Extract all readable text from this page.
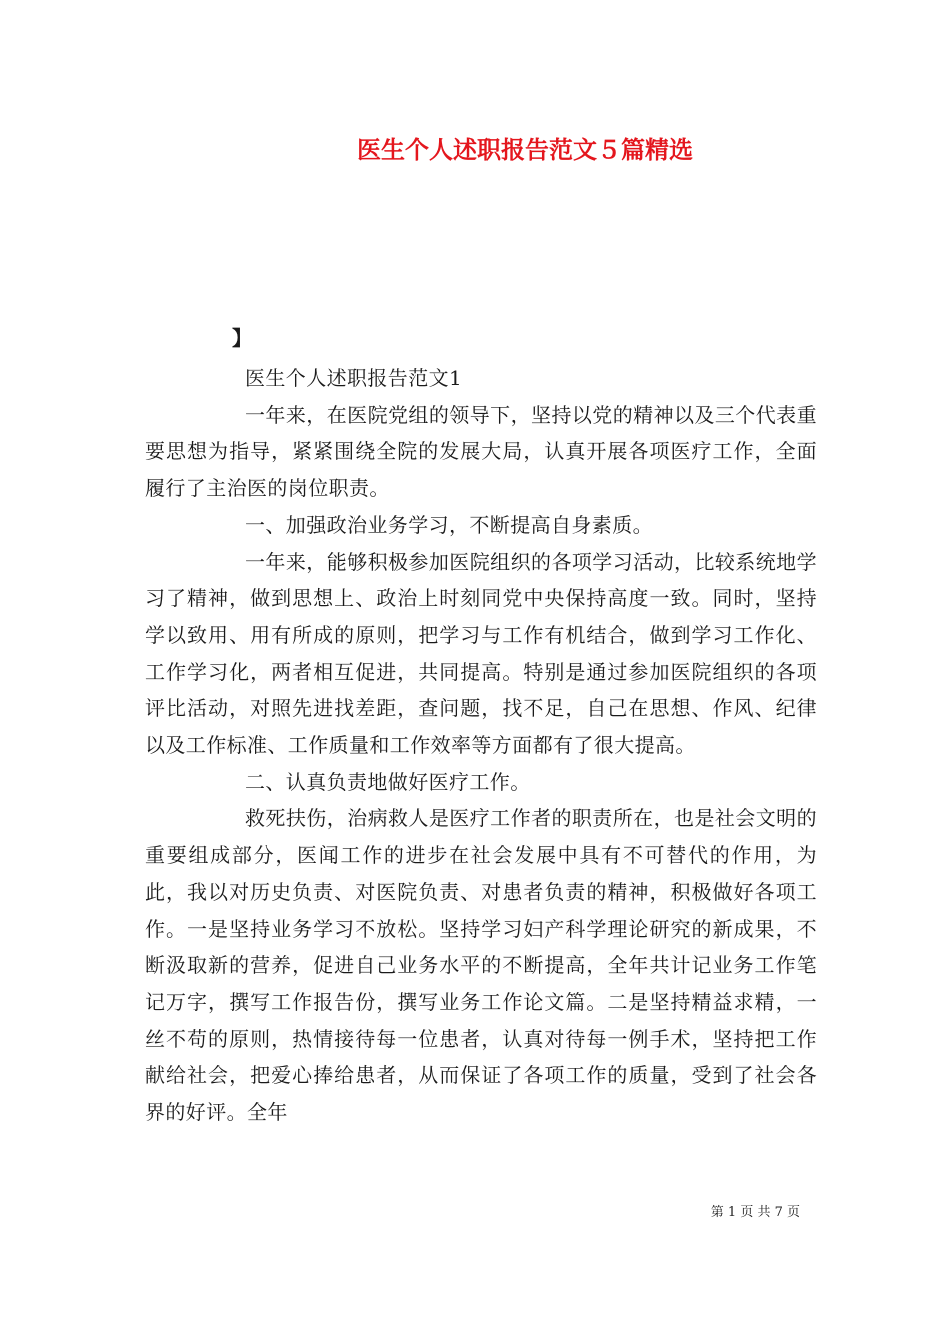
医生个人述职报告范文５篇精选
】

医生个人述职报告范文1

一年来，在医院党组的领导下，坚持以党的精神以及三个代表重要思想为指导，紧紧围绕全院的发展大局，认真开展各项医疗工作，全面履行了主治医的岗位职责。

一、加强政治业务学习，不断提高自身素质。

一年来，能够积极参加医院组织的各项学习活动，比较系统地学习了精神，做到思想上、政治上时刻同党中央保持高度一致。同时，坚持学以致用、用有所成的原则，把学习与工作有机结合，做到学习工作化、工作学习化，两者相互促进，共同提高。特别是通过参加医院组织的各项评比活动，对照先进找差距，查问题，找不足，自己在思想、作风、纪律以及工作标准、工作质量和工作效率等方面都有了很大提高。

二、认真负责地做好医疗工作。

救死扶伤，治病救人是医疗工作者的职责所在，也是社会文明的重要组成部分，医闻工作的进步在社会发展中具有不可替代的作用，为此，我以对历史负责、对医院负责、对患者负责的精神，积极做好各项工作。一是坚持业务学习不放松。坚持学习妇产科学理论研究的新成果，不断汲取新的营养，促进自己业务水平的不断提高，全年共计记业务工作笔记万字，撰写工作报告份，撰写业务工作论文篇。二是坚持精益求精，一丝不苟的原则，热情接待每一位患者，认真对待每一例手术，坚持把工作献给社会，把爱心捧给患者，从而保证了各项工作的质量，受到了社会各界的好评。全年

第 1 页 共 7 页
